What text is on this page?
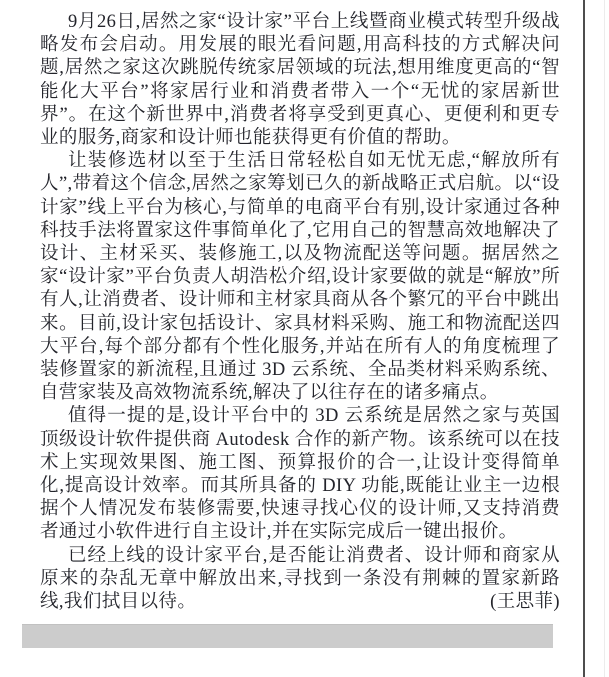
9月26日,居然之家“设计家”平台上线暨商业模式转型升级战略发布会启动。用发展的眼光看问题,用高科技的方式解决问题,居然之家这次跳脱传统家居领域的玩法,想用维度更高的“智能化大平台”将家居行业和消费者带入一个“无忧的家居新世界”。在这个新世界中,消费者将享受到更真心、更便利和更专业的服务,商家和设计师也能获得更有价值的帮助。

让装修选材以至于生活日常轻松自如无忧无虑,“解放所有人”,带着这个信念,居然之家筹划已久的新战略正式启航。以“设计家”线上平台为核心,与简单的电商平台有别,设计家通过各种科技手法将置家这件事简单化了,它用自己的智慧高效地解决了设计、主材采买、装修施工,以及物流配送等问题。据居然之家“设计家”平台负责人胡浩松介绍,设计家要做的就是“解放”所有人,让消费者、设计师和主材家具商从各个繁冗的平台中跳出来。目前,设计家包括设计、家具材料采购、施工和物流配送四大平台,每个部分都有个性化服务,并站在所有人的角度梳理了装修置家的新流程,且通过 3D 云系统、全品类材料采购系统、自营家装及高效物流系统,解决了以往存在的诸多痛点。

值得一提的是,设计平台中的 3D 云系统是居然之家与英国顶级设计软件提供商 Autodesk 合作的新产物。该系统可以在技术上实现效果图、施工图、预算报价的合一,让设计变得简单化,提高设计效率。而其所具备的 DIY 功能,既能让业主一边根据个人情况发布装修需要,快速寻找心仪的设计师,又支持消费者通过小软件进行自主设计,并在实际完成后一键出报价。

已经上线的设计家平台,是否能让消费者、设计师和商家从原来的杂乱无章中解放出来,寻找到一条没有荆棘的置家新路线,我们拭目以待。	(王思菲)
